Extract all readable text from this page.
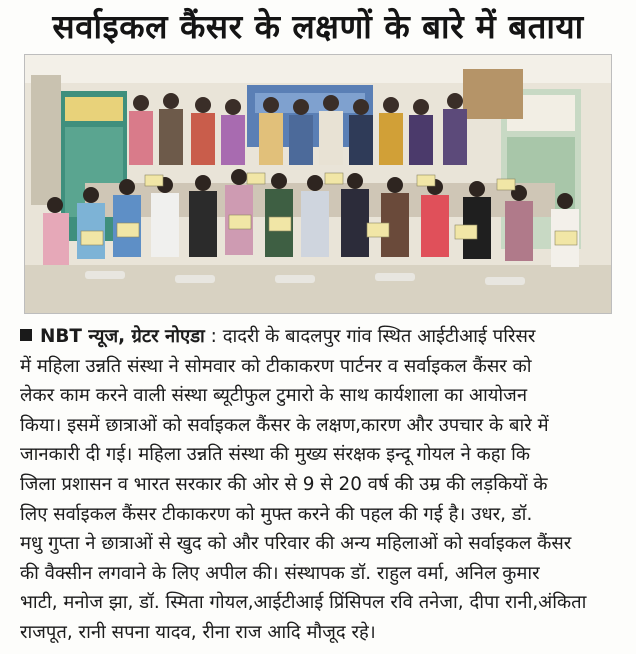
सर्वाइकल कैंसर के लक्षणों के बारे में बताया
NBT न्यूज, ग्रेटर नोएडा : दादरी के बादलपुर गांव स्थित आईटीआई परिसर
में महिला उन्नति संस्था ने सोमवार को टीकाकरण पार्टनर व सर्वाइकल कैंसर को
लेकर काम करने वाली संस्था ब्यूटीफुल टुमारो के साथ कार्यशाला का आयोजन
किया। इसमें छात्राओं को सर्वाइकल कैंसर के लक्षण,कारण और उपचार के बारे में
जानकारी दी गई। महिला उन्नति संस्था की मुख्य संरक्षक इन्दू गोयल ने कहा कि
जिला प्रशासन व भारत सरकार की ओर से 9 से 20 वर्ष की उम्र की लड़कियों के
लिए सर्वाइकल कैंसर टीकाकरण को मुफ्त करने की पहल की गई है। उधर, डॉ.
मधु गुप्ता ने छात्राओं से खुद को और परिवार की अन्य महिलाओं को सर्वाइकल कैंसर
की वैक्सीन लगवाने के लिए अपील की। संस्थापक डॉ. राहुल वर्मा, अनिल कुमार
भाटी, मनोज झा, डॉ. स्मिता गोयल,आईटीआई प्रिंसिपल रवि तनेजा, दीपा रानी,अंकिता
राजपूत, रानी सपना यादव, रीना राज आदि मौजूद रहे।
